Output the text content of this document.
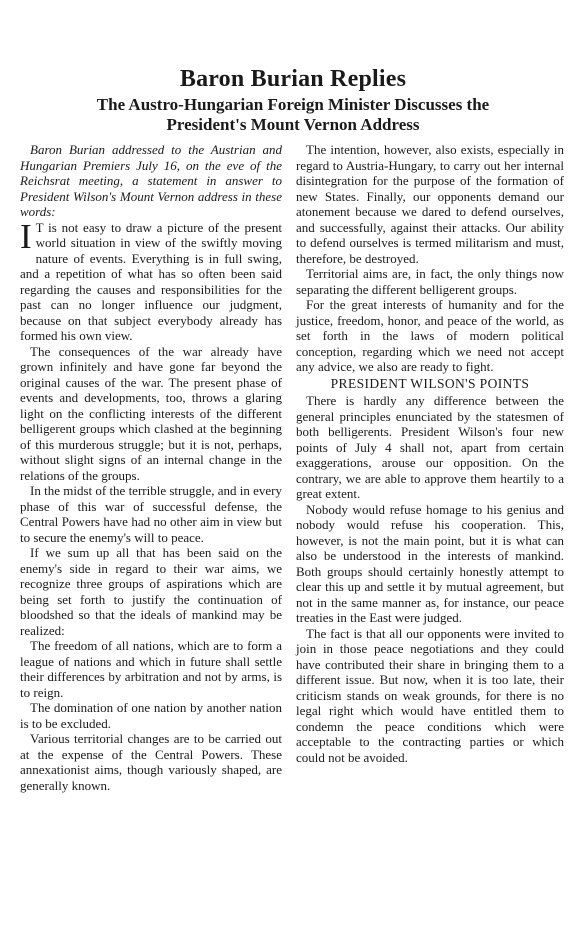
Baron Burian Replies
The Austro-Hungarian Foreign Minister Discusses the
President's Mount Vernon Address

Baron Burian addressed to the Austrian and Hungarian Premiers July 16, on the eve of the Reichsrat meeting, a statement in answer to President Wilson's Mount Vernon address in these words:

I T is not easy to draw a picture of the present world situation in view of the swiftly moving nature of events. Everything is in full swing, and a repetition of what has so often been said regarding the causes and responsibilities for the past can no longer influence our judgment, because on that subject everybody already has formed his own view.

The consequences of the war already have grown infinitely and have gone far beyond the original causes of the war. The present phase of events and developments, too, throws a glaring light on the conflicting interests of the different belligerent groups which clashed at the beginning of this murderous struggle; but it is not, perhaps, without slight signs of an internal change in the relations of the groups.

In the midst of the terrible struggle, and in every phase of this war of successful defense, the Central Powers have had no other aim in view but to secure the enemy's will to peace.

If we sum up all that has been said on the enemy's side in regard to their war aims, we recognize three groups of aspirations which are being set forth to justify the continuation of bloodshed so that the ideals of mankind may be realized:

The freedom of all nations, which are to form a league of nations and which in future shall settle their differences by arbitration and not by arms, is to reign.

The domination of one nation by another nation is to be excluded.

Various territorial changes are to be carried out at the expense of the Central Powers. These annexationist aims, though variously shaped, are generally known.

The intention, however, also exists, especially in regard to Austria-Hungary, to carry out her internal disintegration for the purpose of the formation of new States. Finally, our opponents demand our atonement because we dared to defend ourselves, and successfully, against their attacks. Our ability to defend ourselves is termed militarism and must, therefore, be destroyed.

Territorial aims are, in fact, the only things now separating the different belligerent groups.

For the great interests of humanity and for the justice, freedom, honor, and peace of the world, as set forth in the laws of modern political conception, regarding which we need not accept any advice, we also are ready to fight.

PRESIDENT WILSON'S POINTS

There is hardly any difference between the general principles enunciated by the statesmen of both belligerents. President Wilson's four new points of July 4 shall not, apart from certain exaggerations, arouse our opposition. On the contrary, we are able to approve them heartily to a great extent.

Nobody would refuse homage to his genius and nobody would refuse his cooperation. This, however, is not the main point, but it is what can also be understood in the interests of mankind. Both groups should certainly honestly attempt to clear this up and settle it by mutual agreement, but not in the same manner as, for instance, our peace treaties in the East were judged.

The fact is that all our opponents were invited to join in those peace negotiations and they could have contributed their share in bringing them to a different issue. But now, when it is too late, their criticism stands on weak grounds, for there is no legal right which would have entitled them to condemn the peace conditions which were acceptable to the contracting parties or which could not be avoided.
